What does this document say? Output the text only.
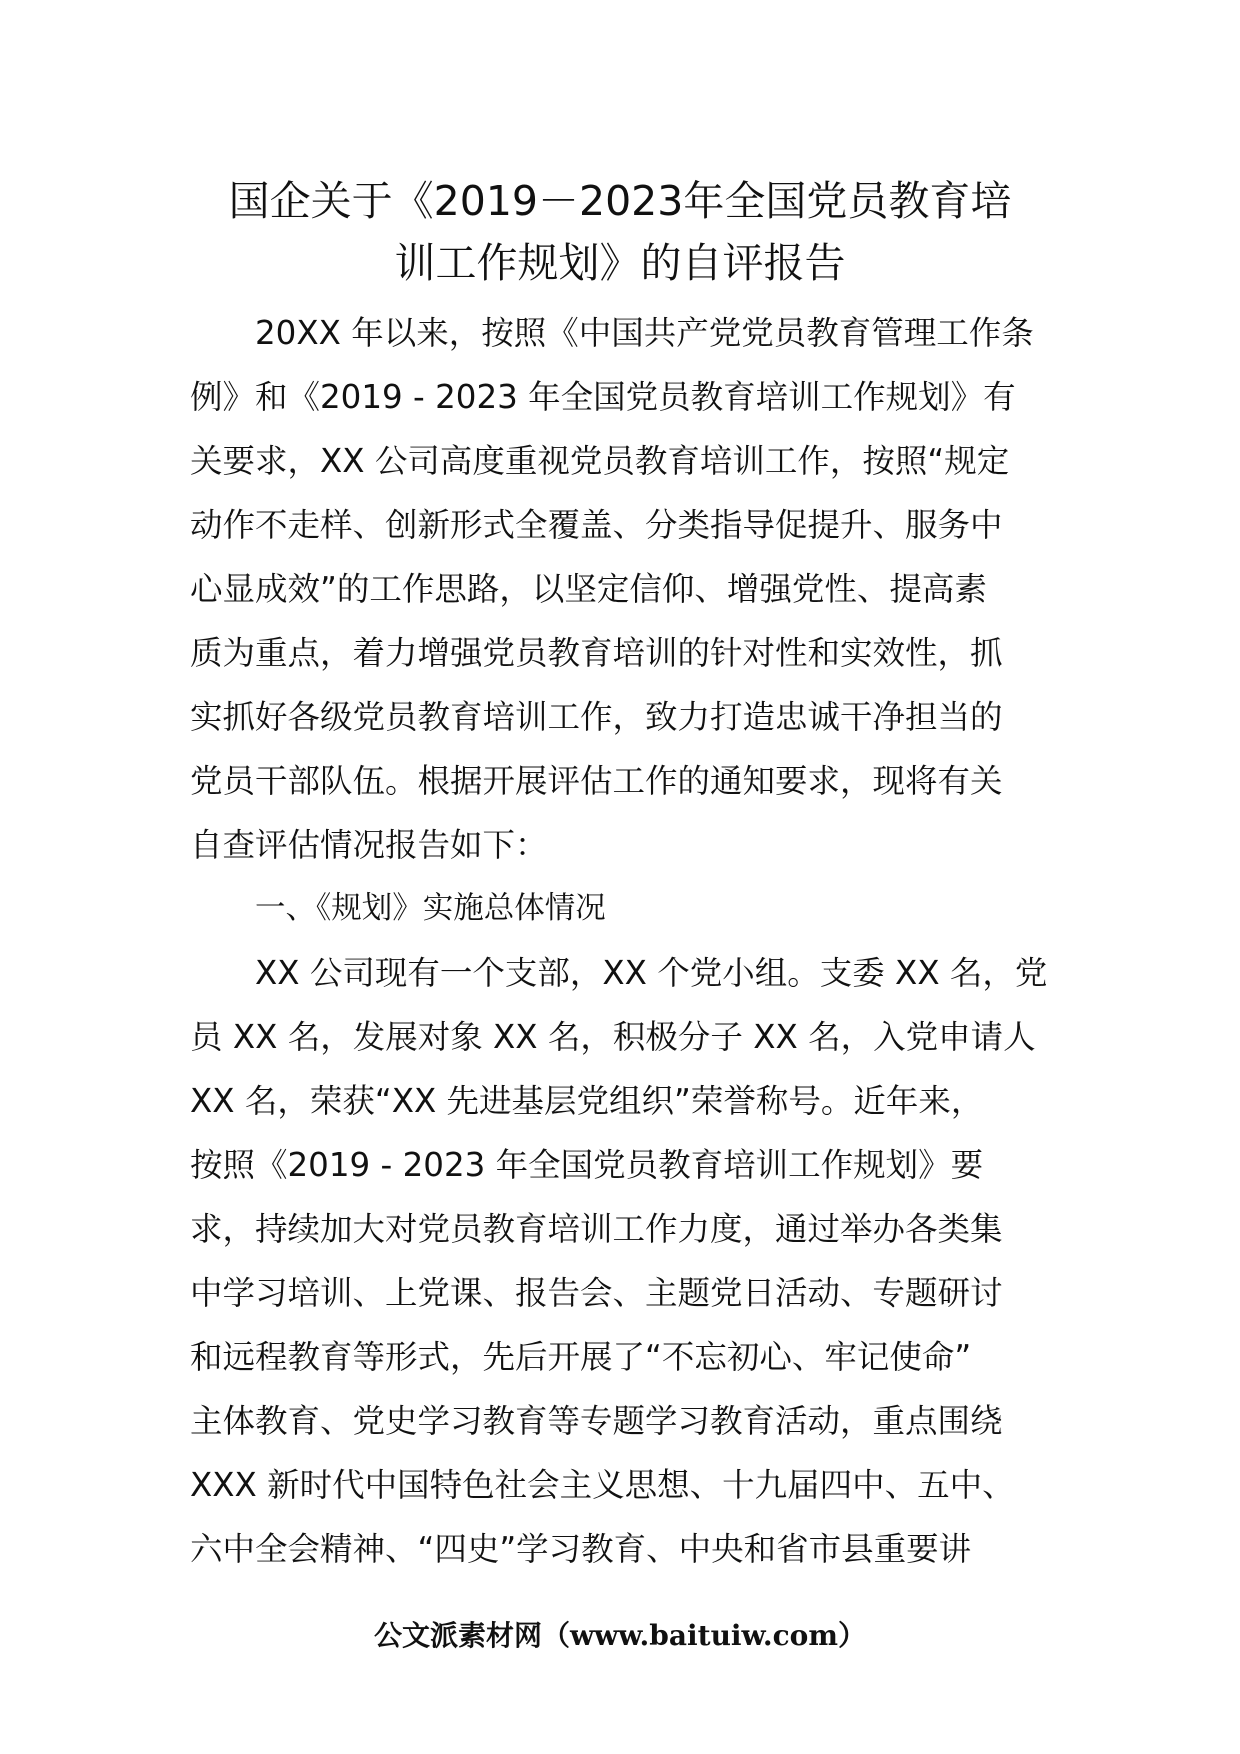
国企关于《2019－2023年全国党员教育培
训工作规划》的自评报告
20XX 年以来，按照《中国共产党党员教育管理工作条
例》和《2019 - 2023 年全国党员教育培训工作规划》有
关要求，XX 公司高度重视党员教育培训工作，按照“规定
动作不走样、创新形式全覆盖、分类指导促提升、服务中
心显成效”的工作思路，以坚定信仰、增强党性、提高素
质为重点，着力增强党员教育培训的针对性和实效性，抓
实抓好各级党员教育培训工作，致力打造忠诚干净担当的
党员干部队伍。根据开展评估工作的通知要求，现将有关
自查评估情况报告如下：
一、《规划》实施总体情况
XX 公司现有一个支部，XX 个党小组。支委 XX 名，党
员 XX 名，发展对象 XX 名，积极分子 XX 名，入党申请人
XX 名，荣获“XX 先进基层党组织”荣誉称号。近年来，
按照《2019 - 2023 年全国党员教育培训工作规划》要
求，持续加大对党员教育培训工作力度，通过举办各类集
中学习培训、上党课、报告会、主题党日活动、专题研讨
和远程教育等形式，先后开展了“不忘初心、牢记使命”
主体教育、党史学习教育等专题学习教育活动，重点围绕
XXX 新时代中国特色社会主义思想、十九届四中、五中、
六中全会精神、“四史”学习教育、中央和省市县重要讲
公文派素材网（www.baituiw.com）
